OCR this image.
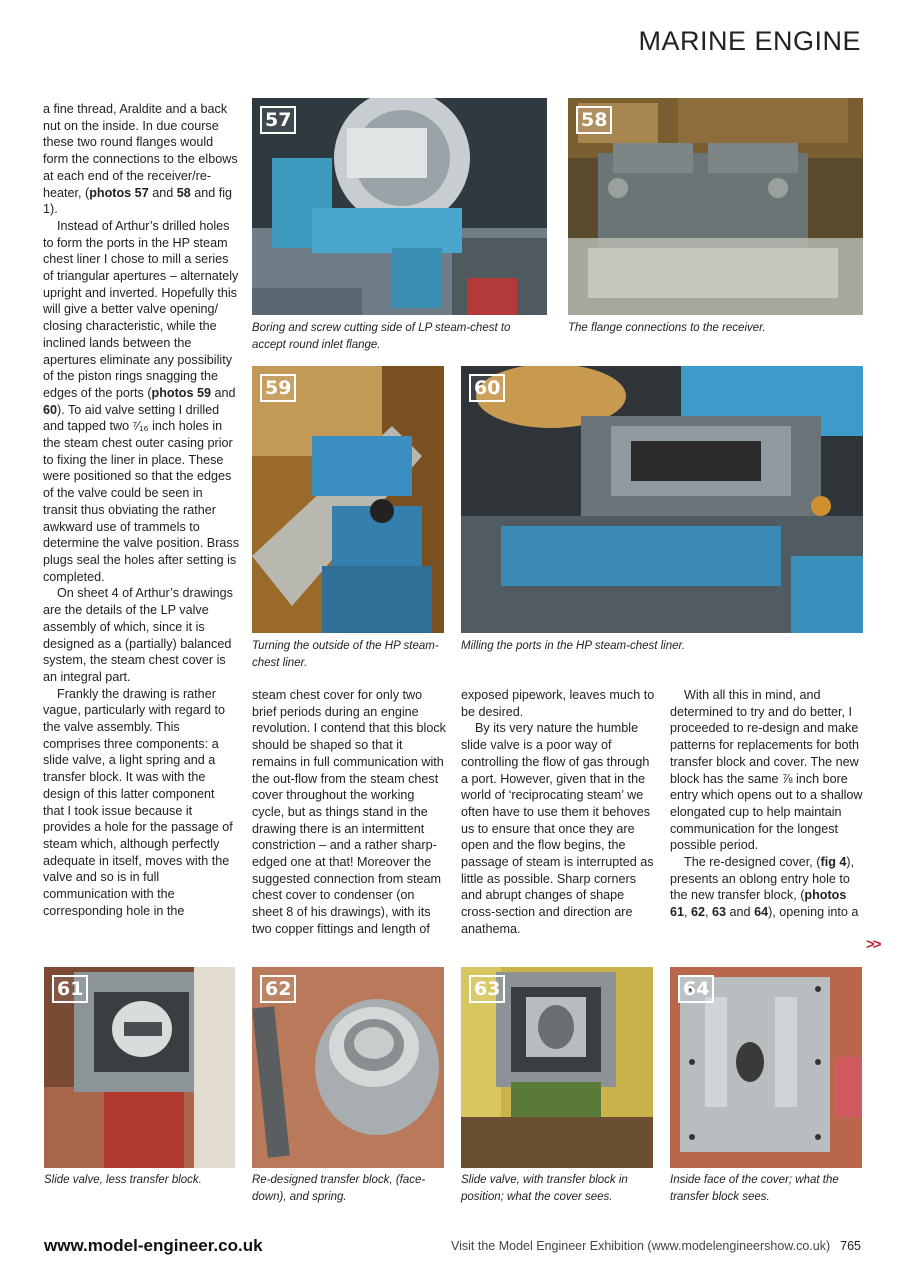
MARINE ENGINE

a fine thread, Araldite and a back nut on the inside. In due course these two round flanges would form the connections to the elbows at each end of the receiver/re-heater, (photos 57 and 58 and fig 1).

Instead of Arthur’s drilled holes to form the ports in the HP steam chest liner I chose to mill a series of triangular apertures – alternately upright and inverted. Hopefully this will give a better valve opening/ closing characteristic, while the inclined lands between the apertures eliminate any possibility of the piston rings snagging the edges of the ports (photos 59 and 60). To aid valve setting I drilled and tapped two ⁷⁄₁₆ inch holes in the steam chest outer casing prior to fixing the liner in place. These were positioned so that the edges of the valve could be seen in transit thus obviating the rather awkward use of trammels to determine the valve position. Brass plugs seal the holes after setting is completed.

On sheet 4 of Arthur’s drawings are the details of the LP valve assembly of which, since it is designed as a (partially) balanced system, the steam chest cover is an integral part.

Frankly the drawing is rather vague, particularly with regard to the valve assembly. This comprises three components: a slide valve, a light spring and a transfer block. It was with the design of this latter component that I took issue because it provides a hole for the passage of steam which, although perfectly adequate in itself, moves with the valve and so is in full communication with the corresponding hole in the

steam chest cover for only two brief periods during an engine revolution. I contend that this block should be shaped so that it remains in full communication with the out-flow from the steam chest cover throughout the working cycle, but as things stand in the drawing there is an intermittent constriction – and a rather sharp-edged one at that! Moreover the suggested connection from steam chest cover to condenser (on sheet 8 of his drawings), with its two copper fittings and length of

exposed pipework, leaves much to be desired.

By its very nature the humble slide valve is a poor way of controlling the flow of gas through a port. However, given that in the world of ‘reciprocating steam’ we often have to use them it behoves us to ensure that once they are open and the flow begins, the passage of steam is interrupted as little as possible. Sharp corners and abrupt changes of shape cross-section and direction are anathema.

With all this in mind, and determined to try and do better, I proceeded to re-design and make patterns for replacements for both transfer block and cover. The new block has the same ⅞ inch bore entry which opens out to a shallow elongated cup to help maintain communication for the longest possible period.

The re-designed cover, (fig 4), presents an oblong entry hole to the new transfer block, (photos 61, 62, 63 and 64), opening into a

>>
57
Boring and screw cutting side of LP steam-chest to accept round inlet flange.
58
The flange connections to the receiver.
59
Turning the outside of the HP steam-chest liner.
60
Milling the ports in the HP steam-chest liner.
61
Slide valve, less transfer block.
62
Re-designed transfer block, (face-down), and spring.
63
Slide valve, with transfer block in position; what the cover sees.
64
Inside face of the cover; what the transfer block sees.
www.model-engineer.co.uk	Visit the Model Engineer Exhibition (www.modelengineershow.co.uk) 765
